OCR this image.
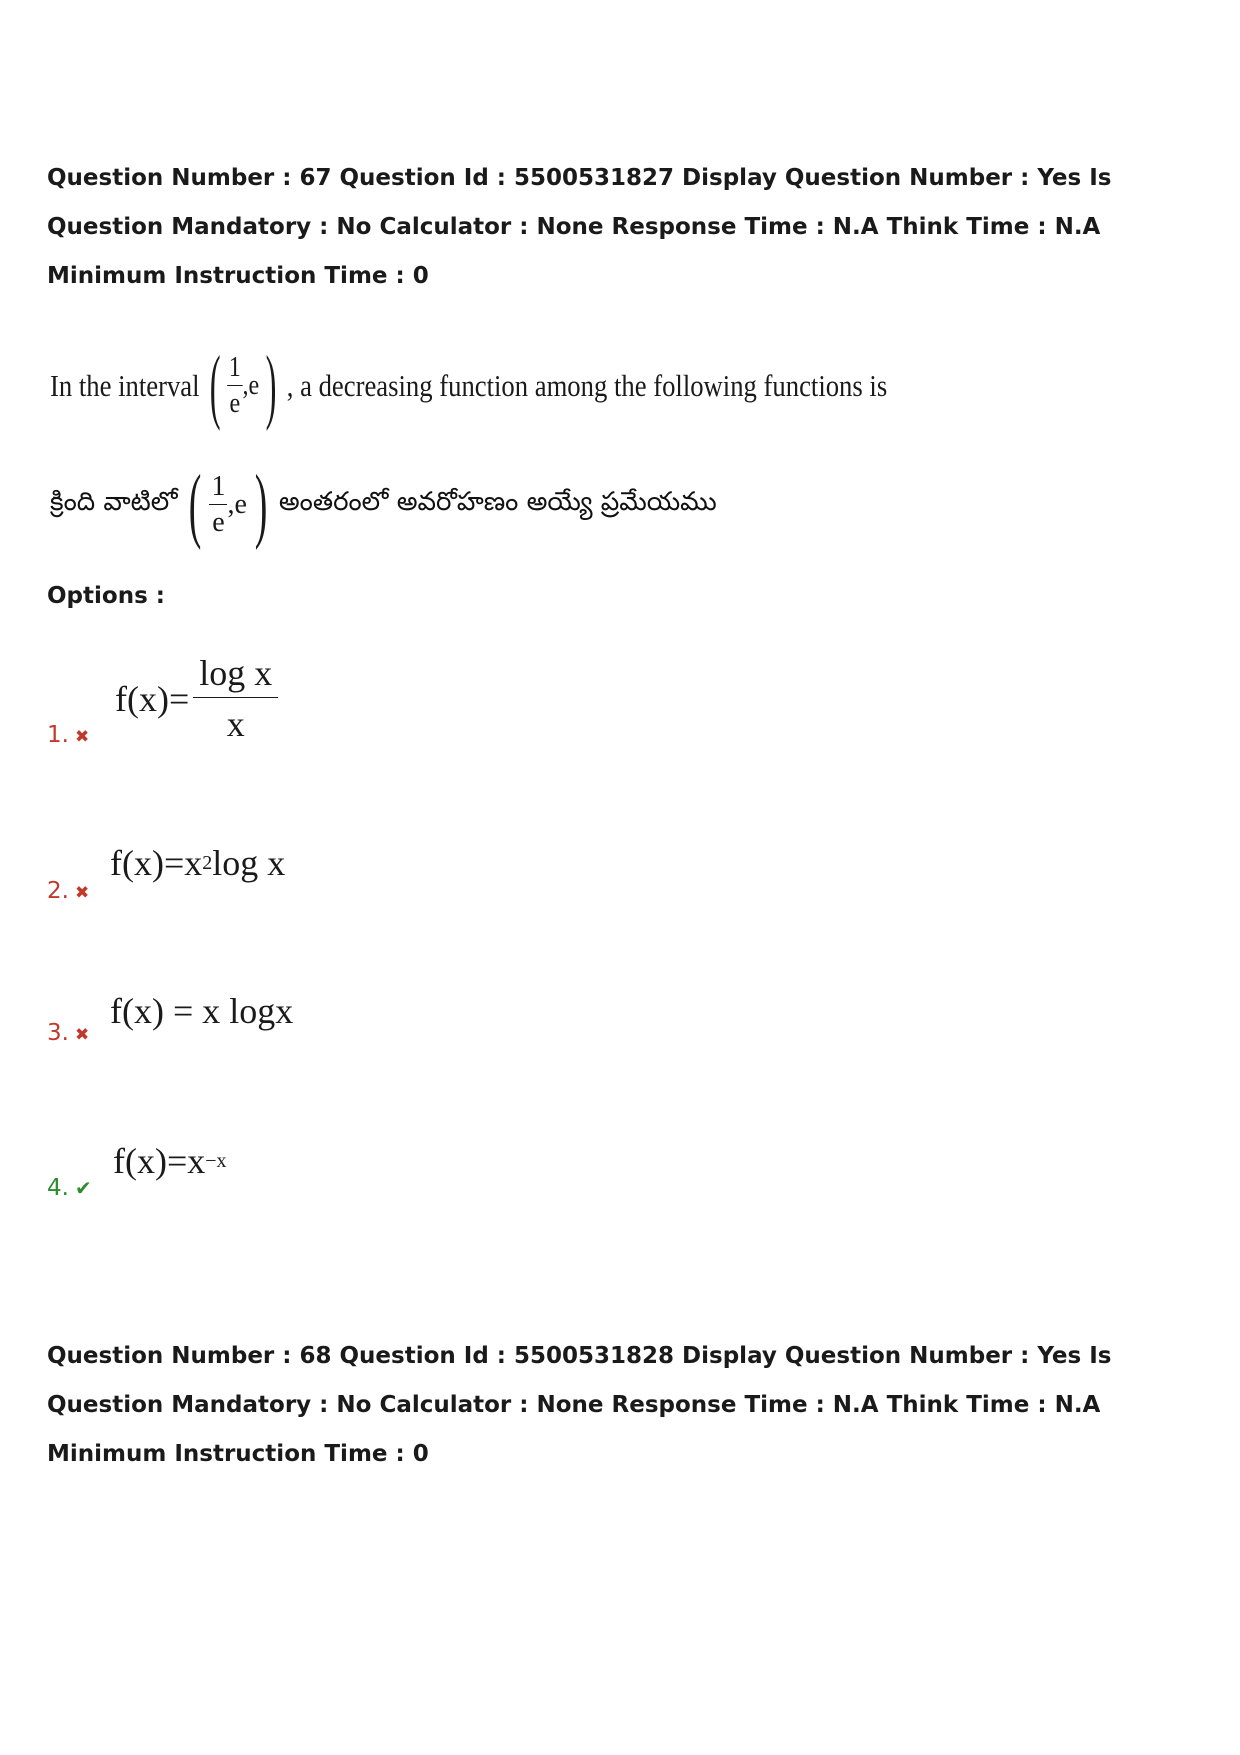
Question Number : 67 Question Id : 5500531827 Display Question Number : Yes Is Question Mandatory : No Calculator : None Response Time : N.A Think Time : N.A Minimum Instruction Time : 0
In the interval ( $\frac{1}{e} ,e$ ) , a decreasing function among the following functions is
క్రింది వాటిలో ( $\frac{1}{e} ,e$ ) అంతరంలో అవరోహణం అయ్యే ప్రమేయము
Options :
1. ✖
$f(x)= \frac{\text{log x}}{x}$
2. ✖
f(x)=x 2 log x
3. ✖
f(x) = x logx
4. ✔
f(x)=x −x
Question Number : 68 Question Id : 5500531828 Display Question Number : Yes Is Question Mandatory : No Calculator : None Response Time : N.A Think Time : N.A Minimum Instruction Time : 0
